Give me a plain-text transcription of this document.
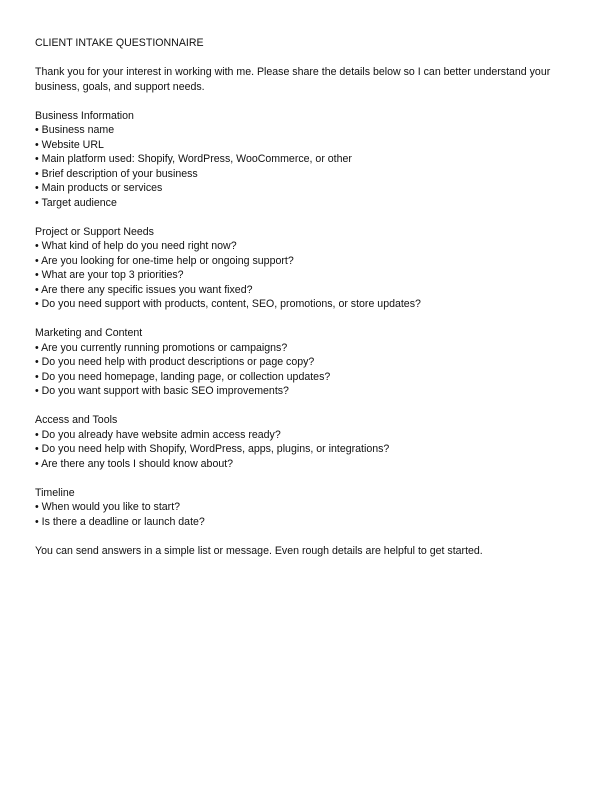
CLIENT INTAKE QUESTIONNAIRE
Thank you for your interest in working with me. Please share the details below so I can better understand your
business, goals, and support needs.
Business Information
• Business name
• Website URL
• Main platform used: Shopify, WordPress, WooCommerce, or other
• Brief description of your business
• Main products or services
• Target audience
Project or Support Needs
• What kind of help do you need right now?
• Are you looking for one-time help or ongoing support?
• What are your top 3 priorities?
• Are there any specific issues you want fixed?
• Do you need support with products, content, SEO, promotions, or store updates?
Marketing and Content
• Are you currently running promotions or campaigns?
• Do you need help with product descriptions or page copy?
• Do you need homepage, landing page, or collection updates?
• Do you want support with basic SEO improvements?
Access and Tools
• Do you already have website admin access ready?
• Do you need help with Shopify, WordPress, apps, plugins, or integrations?
• Are there any tools I should know about?
Timeline
• When would you like to start?
• Is there a deadline or launch date?
You can send answers in a simple list or message. Even rough details are helpful to get started.
